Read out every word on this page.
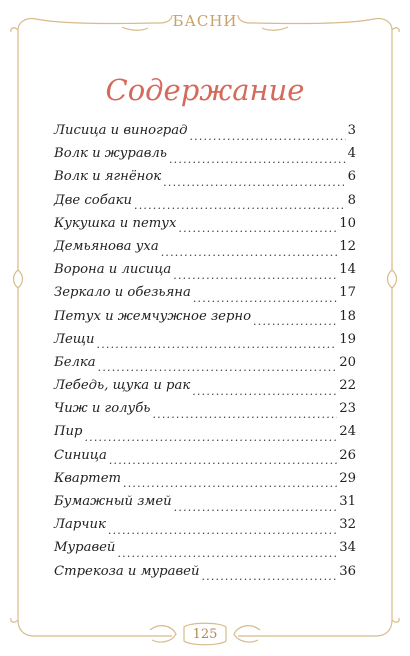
БАСНИ
Содержание
Лисица и виноград .....	3
Волк и журавль .....	4
Волк и ягнёнок .....	6
Две собаки .....	8
Кукушка и петух .....	10
Демьянова уха .....	12
Ворона и лисица .....	14
Зеркало и обезьяна .....	17
Петух и жемчужное зерно .....	18
Лещи .....	19
Белка .....	20
Лебедь, щука и рак .....	22
Чиж и голубь .....	23
Пир .....	24
Синица .....	26
Квартет .....	29
Бумажный змей .....	31
Ларчик .....	32
Муравей .....	34
Стрекоза и муравей .....	36
125
